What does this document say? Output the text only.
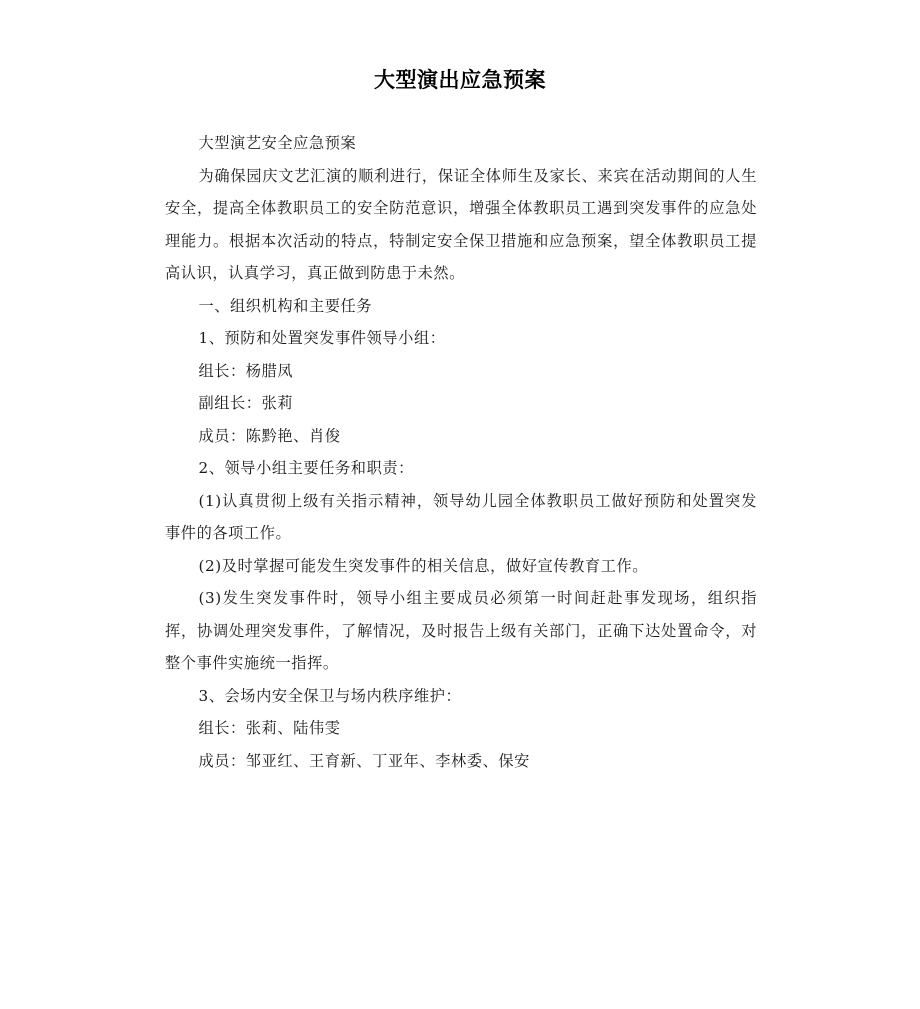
大型演出应急预案

大型演艺安全应急预案

为确保园庆文艺汇演的顺利进行，保证全体师生及家长、来宾在活动期间的人生安全，提高全体教职员工的安全防范意识，增强全体教职员工遇到突发事件的应急处理能力。根据本次活动的特点，特制定安全保卫措施和应急预案，望全体教职员工提高认识，认真学习，真正做到防患于未然。

一、组织机构和主要任务

1、预防和处置突发事件领导小组：

组长：杨腊凤

副组长：张莉

成员：陈黔艳、肖俊

2、领导小组主要任务和职责：

(1)认真贯彻上级有关指示精神，领导幼儿园全体教职员工做好预防和处置突发事件的各项工作。

(2)及时掌握可能发生突发事件的相关信息，做好宣传教育工作。

(3)发生突发事件时，领导小组主要成员必须第一时间赶赴事发现场，组织指挥，协调处理突发事件，了解情况，及时报告上级有关部门，正确下达处置命令，对整个事件实施统一指挥。

3、会场内安全保卫与场内秩序维护：

组长：张莉、陆伟雯

成员：邹亚红、王育新、丁亚年、李林委、保安
